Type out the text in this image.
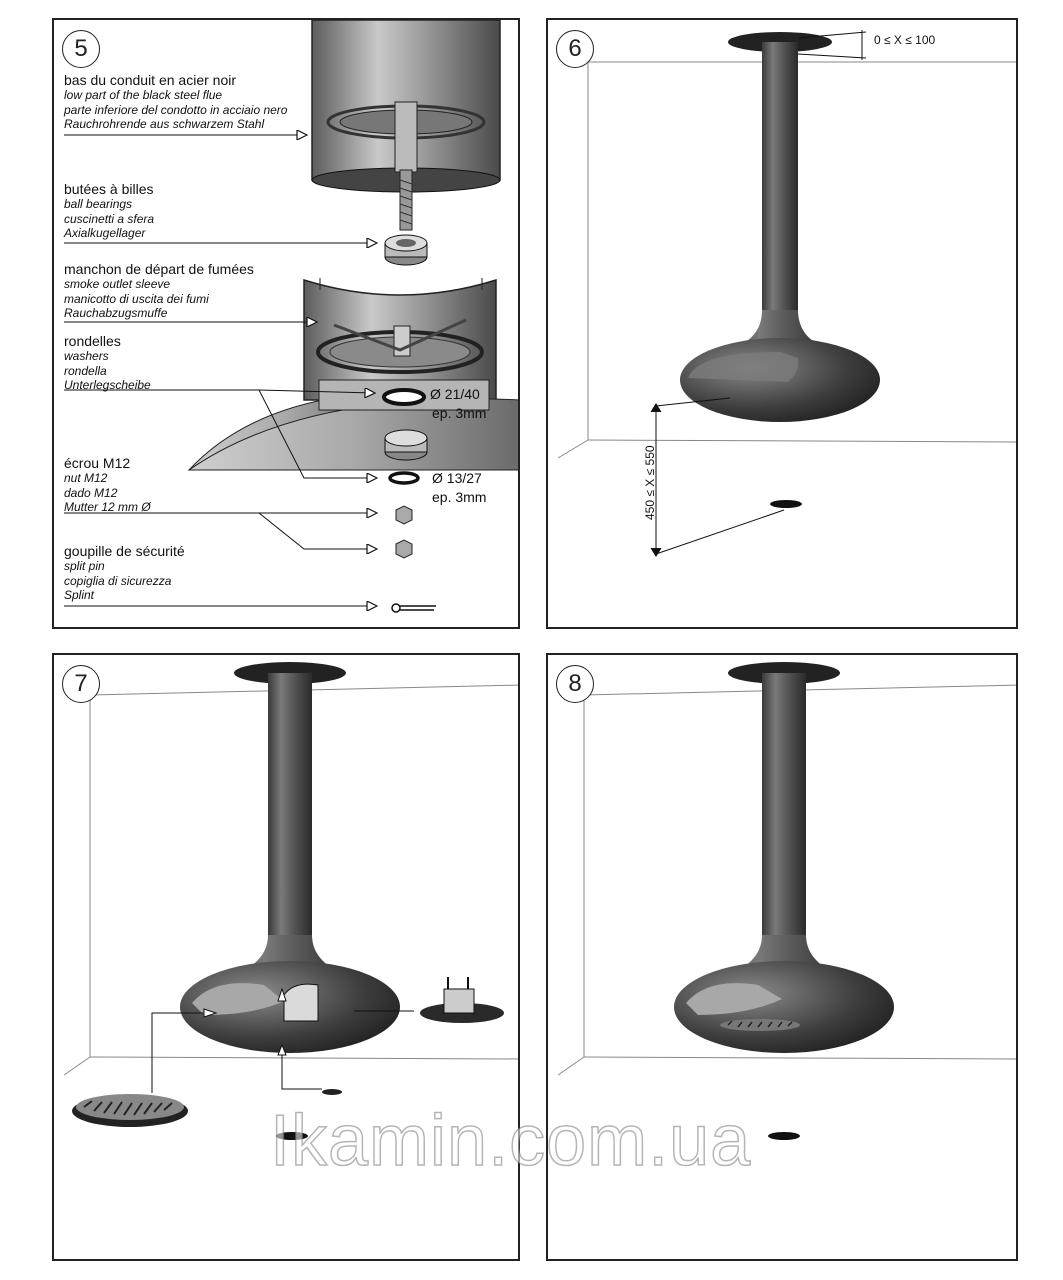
5
bas du conduit en acier noir
low part of the black steel flue
parte inferiore del condotto in acciaio nero
Rauchrohrende aus schwarzem Stahl
butées à billes
ball bearings
cuscinetti a sfera
Axialkugellager
manchon de départ de fumées
smoke outlet sleeve
manicotto di uscita dei fumi
Rauchabzugsmuffe
rondelles
washers
rondella
Unterlegscheibe
écrou M12
nut M12
dado M12
Mutter 12 mm Ø
goupille de sécurité
split pin
copiglia di sicurezza
Splint
Ø 21/40
ep. 3mm
Ø 13/27
ep. 3mm
6	0 ≤ X ≤ 100
450 ≤ X ≤ 550
7	8
Ikamin.com.ua
